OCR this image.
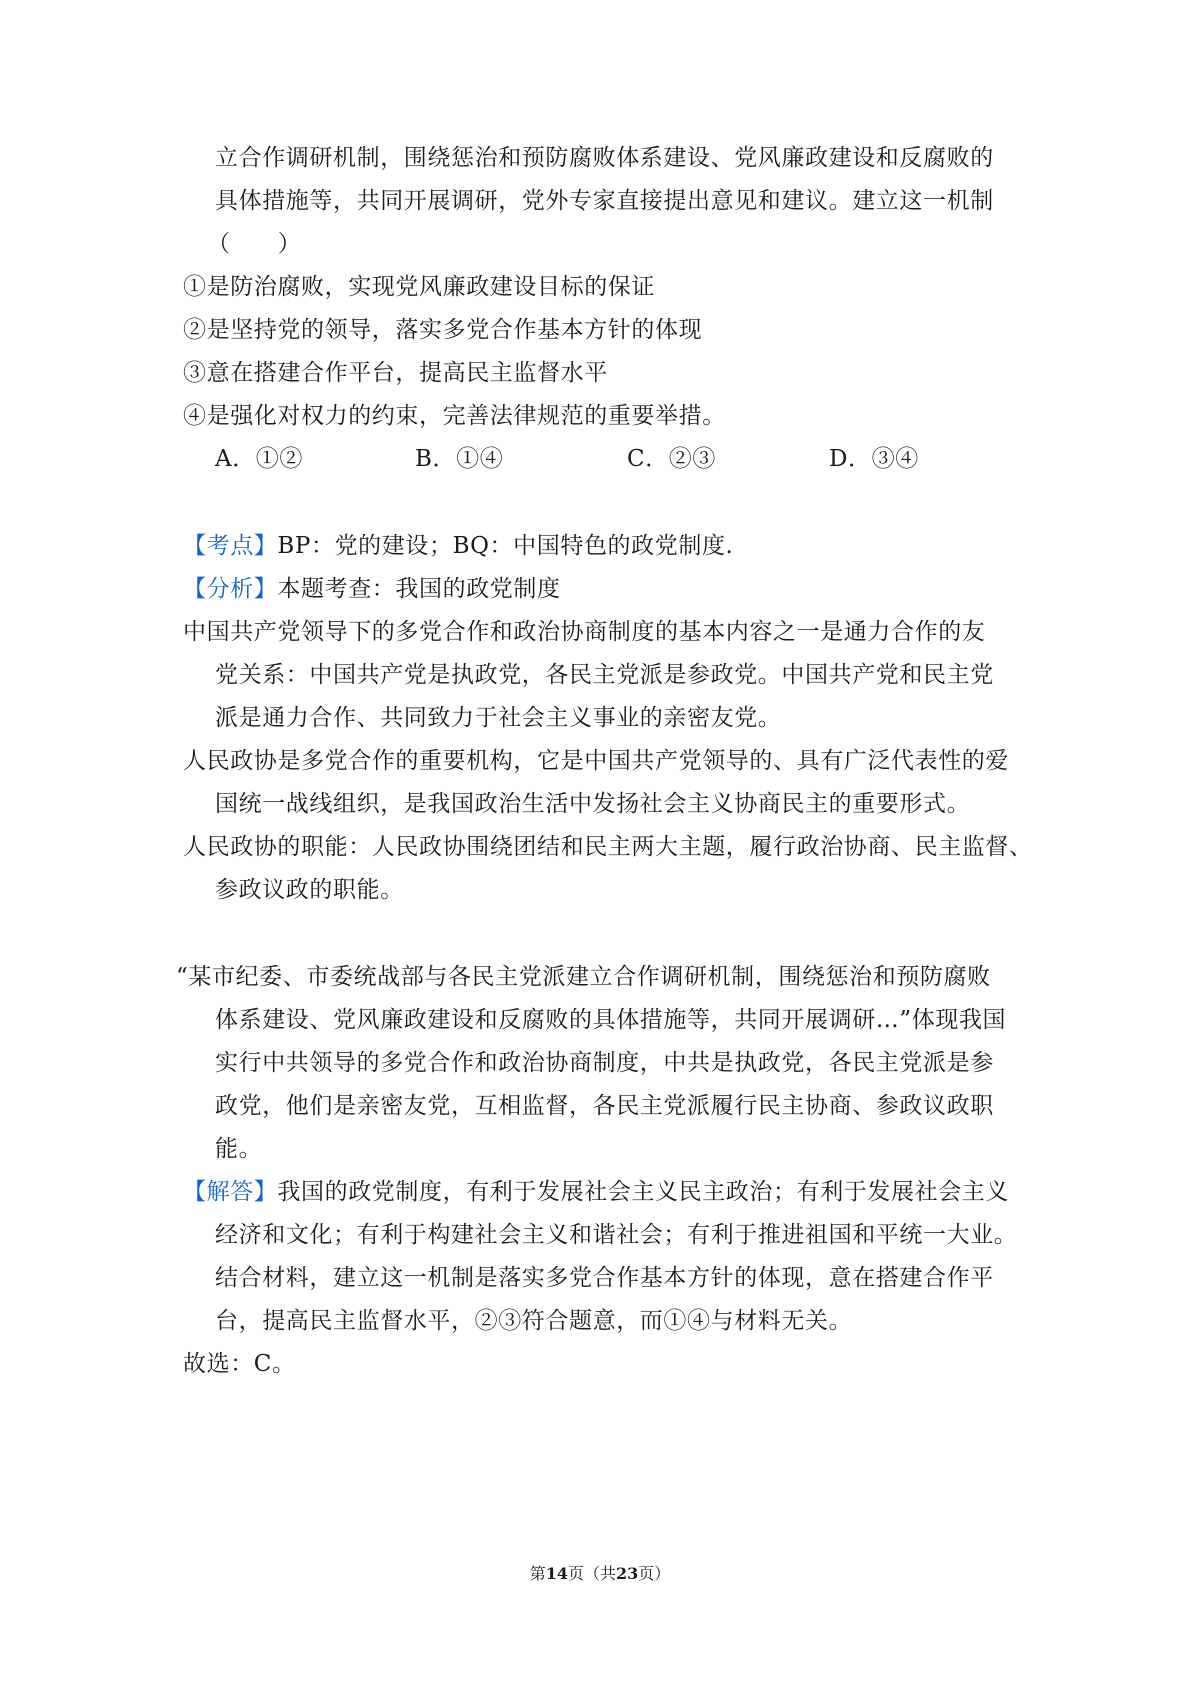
立合作调研机制，围绕惩治和预防腐败体系建设、党风廉政建设和反腐败的
具体措施等，共同开展调研，党外专家直接提出意见和建议。建立这一机制
（　　）
①是防治腐败，实现党风廉政建设目标的保证
②是坚持党的领导，落实多党合作基本方针的体现
③意在搭建合作平台，提高民主监督水平
④是强化对权力的约束，完善法律规范的重要举措。
A．①②	B．①④	C．②③	D．③④
【考点】BP：党的建设；BQ：中国特色的政党制度.
【分析】本题考查：我国的政党制度
中国共产党领导下的多党合作和政治协商制度的基本内容之一是通力合作的友
党关系：中国共产党是执政党，各民主党派是参政党。中国共产党和民主党
派是通力合作、共同致力于社会主义事业的亲密友党。
人民政协是多党合作的重要机构，它是中国共产党领导的、具有广泛代表性的爱
国统一战线组织，是我国政治生活中发扬社会主义协商民主的重要形式。
人民政协的职能：人民政协围绕团结和民主两大主题，履行政治协商、民主监督、
参政议政的职能。
“某市纪委、市委统战部与各民主党派建立合作调研机制，围绕惩治和预防腐败
体系建设、党风廉政建设和反腐败的具体措施等，共同开展调研…”体现我国
实行中共领导的多党合作和政治协商制度，中共是执政党，各民主党派是参
政党，他们是亲密友党，互相监督，各民主党派履行民主协商、参政议政职
能。
【解答】我国的政党制度，有利于发展社会主义民主政治；有利于发展社会主义
经济和文化；有利于构建社会主义和谐社会；有利于推进祖国和平统一大业。
结合材料，建立这一机制是落实多党合作基本方针的体现，意在搭建合作平
台，提高民主监督水平，②③符合题意，而①④与材料无关。
故选：C。
第14页（共23页）
